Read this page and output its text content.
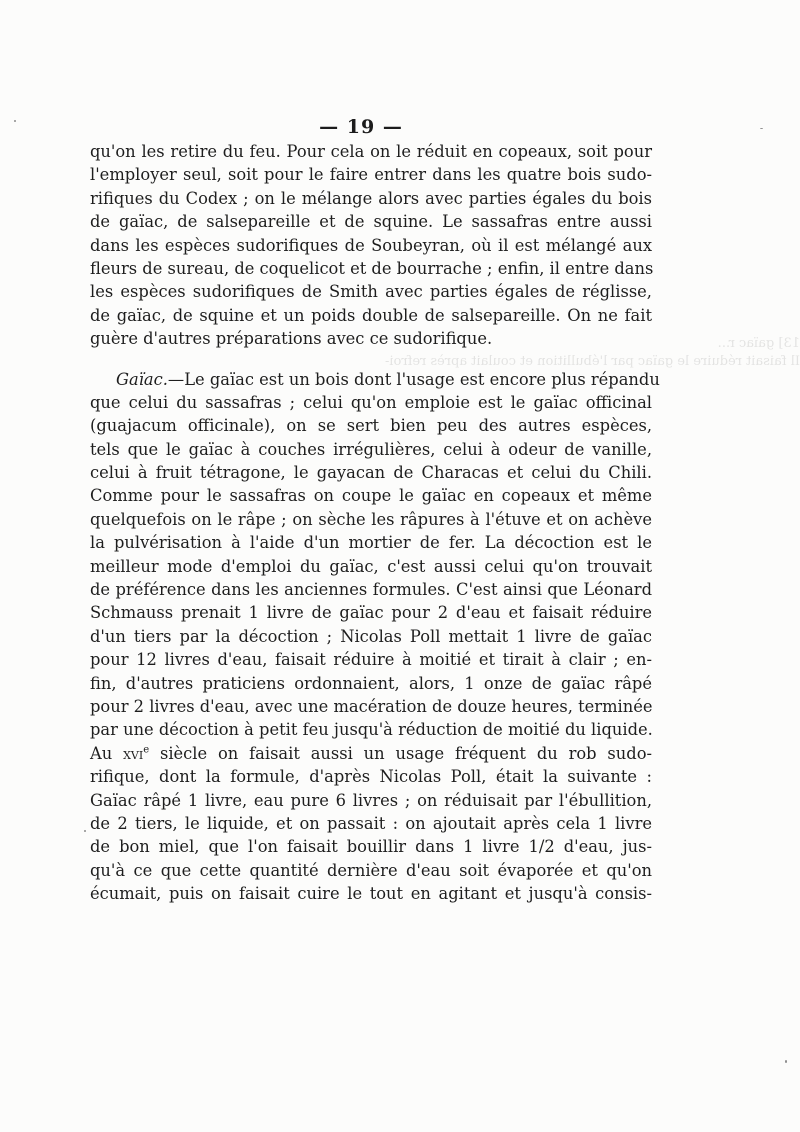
13] gaïac r...
Il faisait réduire le gaïac par l'ébullition et coulait après refroi-
— 19 —
qu'on les retire du feu. Pour cela on le réduit en copeaux, soit pour
l'employer seul, soit pour le faire entrer dans les quatre bois sudo-
rifiques du Codex ; on le mélange alors avec parties égales du bois
de gaïac, de salsepareille et de squine. Le sassafras entre aussi
dans les espèces sudorifiques de Soubeyran, où il est mélangé aux
fleurs de sureau, de coquelicot et de bourrache ; enfin, il entre dans
les espèces sudorifiques de Smith avec parties égales de réglisse,
de gaïac, de squine et un poids double de salsepareille. On ne fait
guère d'autres préparations avec ce sudorifique.
Gaïac.—Le gaïac est un bois dont l'usage est encore plus répandu
que celui du sassafras ; celui qu'on emploie est le gaïac officinal
(guajacum officinale), on se sert bien peu des autres espèces,
tels que le gaïac à couches irrégulières, celui à odeur de vanille,
celui à fruit tétragone, le gayacan de Characas et celui du Chili.
Comme pour le sassafras on coupe le gaïac en copeaux et même
quelquefois on le râpe ; on sèche les râpures à l'étuve et on achève
la pulvérisation à l'aide d'un mortier de fer. La décoction est le
meilleur mode d'emploi du gaïac, c'est aussi celui qu'on trouvait
de préférence dans les anciennes formules. C'est ainsi que Léonard
Schmauss prenait 1 livre de gaïac pour 2 d'eau et faisait réduire
d'un tiers par la décoction ; Nicolas Poll mettait 1 livre de gaïac
pour 12 livres d'eau, faisait réduire à moitié et tirait à clair ; en-
fin, d'autres praticiens ordonnaient, alors, 1 onze de gaïac râpé
pour 2 livres d'eau, avec une macération de douze heures, terminée
par une décoction à petit feu jusqu'à réduction de moitié du liquide.
Au xvi$^e$ siècle on faisait aussi un usage fréquent du rob sudo-
rifique, dont la formule, d'après Nicolas Poll, était la suivante :
Gaïac râpé 1 livre, eau pure 6 livres ; on réduisait par l'ébullition,
de 2 tiers, le liquide, et on passait : on ajoutait après cela 1 livre
de bon miel, que l'on faisait bouillir dans 1 livre 1/2 d'eau, jus-
qu'à ce que cette quantité dernière d'eau soit évaporée et qu'on
écumait, puis on faisait cuire le tout en agitant et jusqu'à consis-
